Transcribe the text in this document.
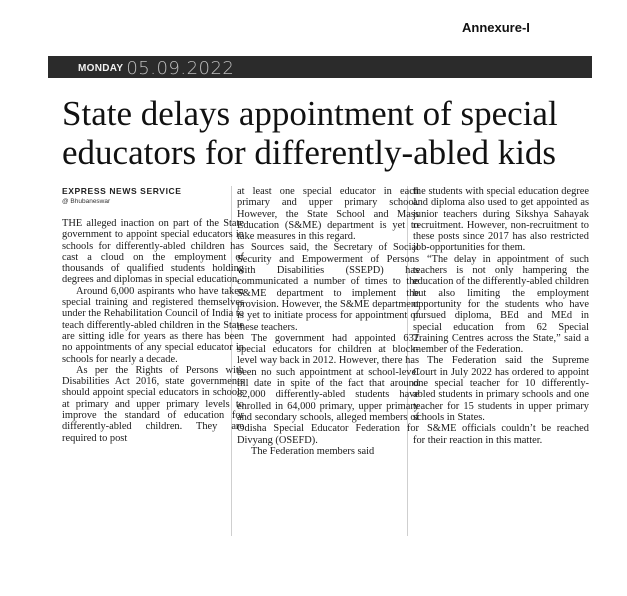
Annexure-I
MONDAY 05.09.2022
State delays appointment of special educators for differently-abled kids
EXPRESS NEWS SERVICE
@ Bhubaneswar

THE alleged inaction on part of the State government to appoint special educators in schools for differently-abled children has cast a cloud on the employment of thousands of qualified students holding degrees and diplomas in special education.

Around 6,000 aspirants who have taken special training and registered themselves under the Rehabilitation Council of India to teach differently-abled children in the State are sitting idle for years as there has been no appointments of any special educator in schools for nearly a decade.

As per the Rights of Persons with Disabilities Act 2016, state governments should appoint special educators in schools at primary and upper primary levels to improve the standard of education for differently-abled children. They are required to post

at least one special educator in each primary and upper primary school. However, the State School and Mass Education (S&ME) department is yet to take measures in this regard.

Sources said, the Secretary of Social Security and Empowerment of Persons with Disabilities (SSEPD) has communicated a number of times to the S&ME department to implement the provision. However, the S&ME department is yet to initiate process for appointment of these teachers.

The government had appointed 632 special educators for children at block-level way back in 2012. However, there has been no such appointment at school-level till date in spite of the fact that around 82,000 differently-abled students have enrolled in 64,000 primary, upper primary and secondary schools, alleged members of Odisha Special Educator Federation for Divyang (OSEFD).

The Federation members said

the students with special education degree and diploma also used to get appointed as junior teachers during Sikshya Sahayak recruitment. However, non-recruitment to these posts since 2017 has also restricted job-opportunities for them.

“The delay in appointment of such teachers is not only hampering the education of the differently-abled children but also limiting the employment opportunity for the students who have pursued diploma, BEd and MEd in special education from 62 Special Training Centres across the State,” said a member of the Federation.

The Federation said the Supreme Court in July 2022 has ordered to appoint one special teacher for 10 differently-abled students in primary schools and one teacher for 15 students in upper primary schools in States.

S&ME officials couldn’t be reached for their reaction in this matter.
